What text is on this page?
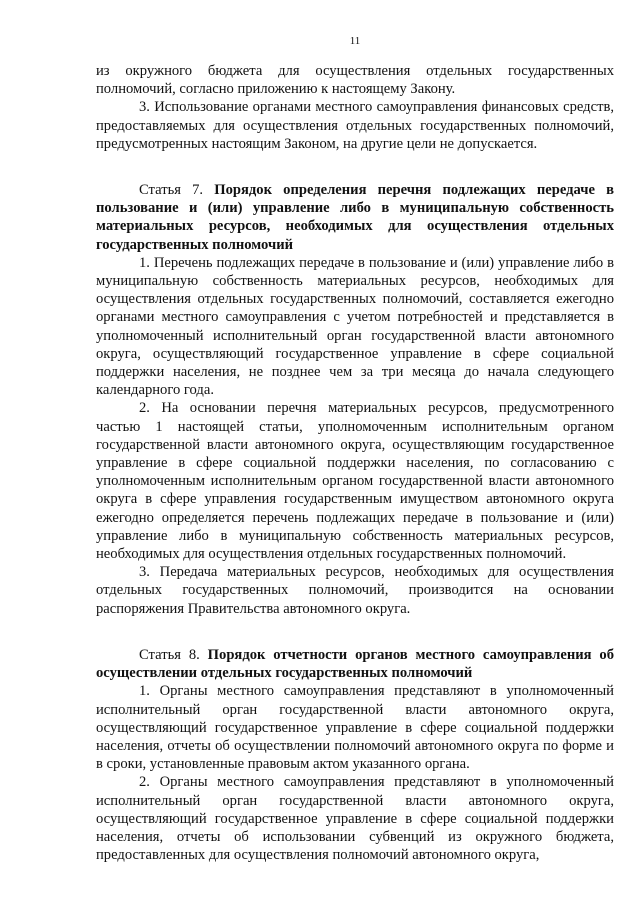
11

из окружного бюджета для осуществления отдельных государственных полномочий, согласно приложению к настоящему Закону.

3. Использование органами местного самоуправления финансовых средств, предоставляемых для осуществления отдельных государственных полномочий, предусмотренных настоящим Законом, на другие цели не допускается.

Статья 7. Порядок определения перечня подлежащих передаче в пользование и (или) управление либо в муниципальную собственность материальных ресурсов, необходимых для осуществления отдельных государственных полномочий

1. Перечень подлежащих передаче в пользование и (или) управление либо в муниципальную собственность материальных ресурсов, необходимых для осуществления отдельных государственных полномочий, составляется ежегодно органами местного самоуправления с учетом потребностей и представляется в уполномоченный исполнительный орган государственной власти автономного округа, осуществляющий государственное управление в сфере социальной поддержки населения, не позднее чем за три месяца до начала следующего календарного года.

2. На основании перечня материальных ресурсов, предусмотренного частью 1 настоящей статьи, уполномоченным исполнительным органом государственной власти автономного округа, осуществляющим государственное управление в сфере социальной поддержки населения, по согласованию с уполномоченным исполнительным органом государственной власти автономного округа в сфере управления государственным имуществом автономного округа ежегодно определяется перечень подлежащих передаче в пользование и (или) управление либо в муниципальную собственность материальных ресурсов, необходимых для осуществления отдельных государственных полномочий.

3. Передача материальных ресурсов, необходимых для осуществления отдельных государственных полномочий, производится на основании распоряжения Правительства автономного округа.

Статья 8. Порядок отчетности органов местного самоуправления об осуществлении отдельных государственных полномочий

1. Органы местного самоуправления представляют в уполномоченный исполнительный орган государственной власти автономного округа, осуществляющий государственное управление в сфере социальной поддержки населения, отчеты об осуществлении полномочий автономного округа по форме и в сроки, установленные правовым актом указанного органа.

2. Органы местного самоуправления представляют в уполномоченный исполнительный орган государственной власти автономного округа, осуществляющий государственное управление в сфере социальной поддержки населения, отчеты об использовании субвенций из окружного бюджета, предоставленных для осуществления полномочий автономного округа,
